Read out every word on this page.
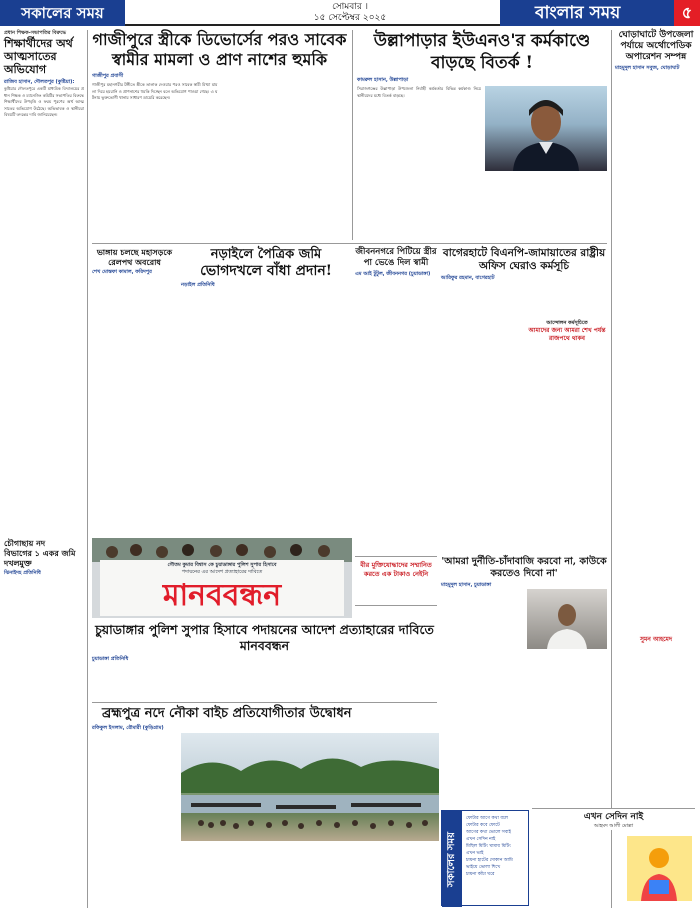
সকালের সময়	সোমবার ।
১৫ সেপ্টেম্বর ২০২৫	বাংলার সময়	৫
প্রধান শিক্ষক-সভাপতির বিরুদ্ধে
শিক্ষার্থীদের অর্থ আত্মসাতের অভিযোগ
রাজিব হাসান, দৌলতপুর (কুষ্টিয়া):
কুষ্টিয়ার দৌলতপুরে একটি মাধ্যমিক বিদ্যালয়ের প্রধান শিক্ষক ও ম্যানেজিং কমিটির সভাপতির বিরুদ্ধে শিক্ষার্থীদের উপবৃত্তি ও ফরম পূরণের অর্থ আত্মসাতের অভিযোগ উঠেছে। অভিভাবক ও স্থানীয়রা বিষয়টি তদন্তের দাবি জানিয়েছেন।
চৌগাছায় নদ
বিভাগের ১ একর জমি দখলমুক্ত
ঝিনাইদহ প্রতিনিধি
গাজীপুরে স্ত্রীকে ডিভোর্সের পরও সাবেক স্বামীর মামলা ও প্রাণ নাশের হুমকি
গাজীপুর প্রবাসী
গাজীপুর মহানগরীর টঙ্গীতে স্ত্রীকে তালাক দেওয়ার পরও সাবেক স্বামী মিথ্যা মামলা দিয়ে হয়রানি ও প্রাণনাশের হুমকি দিচ্ছেন বলে অভিযোগ পাওয়া গেছে। এ ঘটনায় ভুক্তভোগী থানায় সাধারণ ডায়েরি করেছেন।
উল্লাপাড়ার ইউএনও'র কর্মকাণ্ডে বাড়ছে বিতর্ক !
কামরুল হাসান, উল্লাপাড়া
সিরাজগঞ্জের উল্লাপাড়া উপজেলা নির্বাহী কর্মকর্তার বিভিন্ন কর্মকাণ্ড নিয়ে স্থানীয়দের মধ্যে বিতর্ক বাড়ছে।
ঘোড়াঘাটে উপজেলা পর্যায়ে অর্থোপেডিক অপারেশন সম্পন্ন
মাহমুদুল হাসান সবুজ, ঘোড়াঘাট
সুমন আহমেদ
ভাঙ্গায় চলছে মহাসড়কে
রেলপথ অবরোধ
শেখ মোস্তফা কামাল, ফরিদপুর
নড়াইলে পৈত্রিক জমি
ভোগদখলে বাঁধা প্রদান!
নড়াইল প্রতিনিধি
জীবননগরে পিটিয়ে স্ত্রীর পা ভেঙে দিল স্বামী
এম আই টুটুল, জীবননগর (চুয়াডাঙ্গা)
বাগেরহাটে বিএনপি-জামায়াতের রাষ্ট্রীয় অফিস ঘেরাও কর্মসূচি
আরিফুর রহমান, বাগেরহাট
আন্দোলন কর্মসূচিতে
আমাদের জন্য আমরা শেখ পর্যন্ত রাজপথে থাকব
গৌতম কুমার বিশ্বাস কে চুয়াডাঙ্গার পুলিশ সুপার হিসাবে
পদায়নের এর আদেশ প্রত্যাহারের দাবিতে
মানববন্ধন
চুয়াডাঙ্গার পুলিশ সুপার হিসাবে পদায়নের আদেশ প্রত্যাহারের দাবিতে মানববন্ধন
চুয়াডাঙ্গা প্রতিনিধি
'আমরা দুর্নীতি-চাঁদাবাজি করবো না, কাউকে করতেও দিবো না'
মাহমুদুল হাসান, চুয়াডাঙ্গা
বীর মুক্তিযোদ্ধাদের সম্মানিত করতে এক টাকাও নেইনি
ব্রহ্মপুত্র নদে নৌকা বাইচ প্রতিযোগীতার উদ্বোধন
রফিকুল ইসলাম, রৌমারী (কুড়িগ্রাম)
এখন সেদিন নাই
আহমদ আলী মোল্লা
সকালের সময়
ফোটার আগে কথা বলে
ফোটার কবে ফোটে
আগের কথা ভোলে সবাই
এখন সেদিন নাই
মিছিল মিটিং ঘামায় মিটিং
এখন ভাই
চায়না হাটের দোকান আমি
ভাইয়ে ভোলা শিখে
চায়না কাঁচা ঘরে
